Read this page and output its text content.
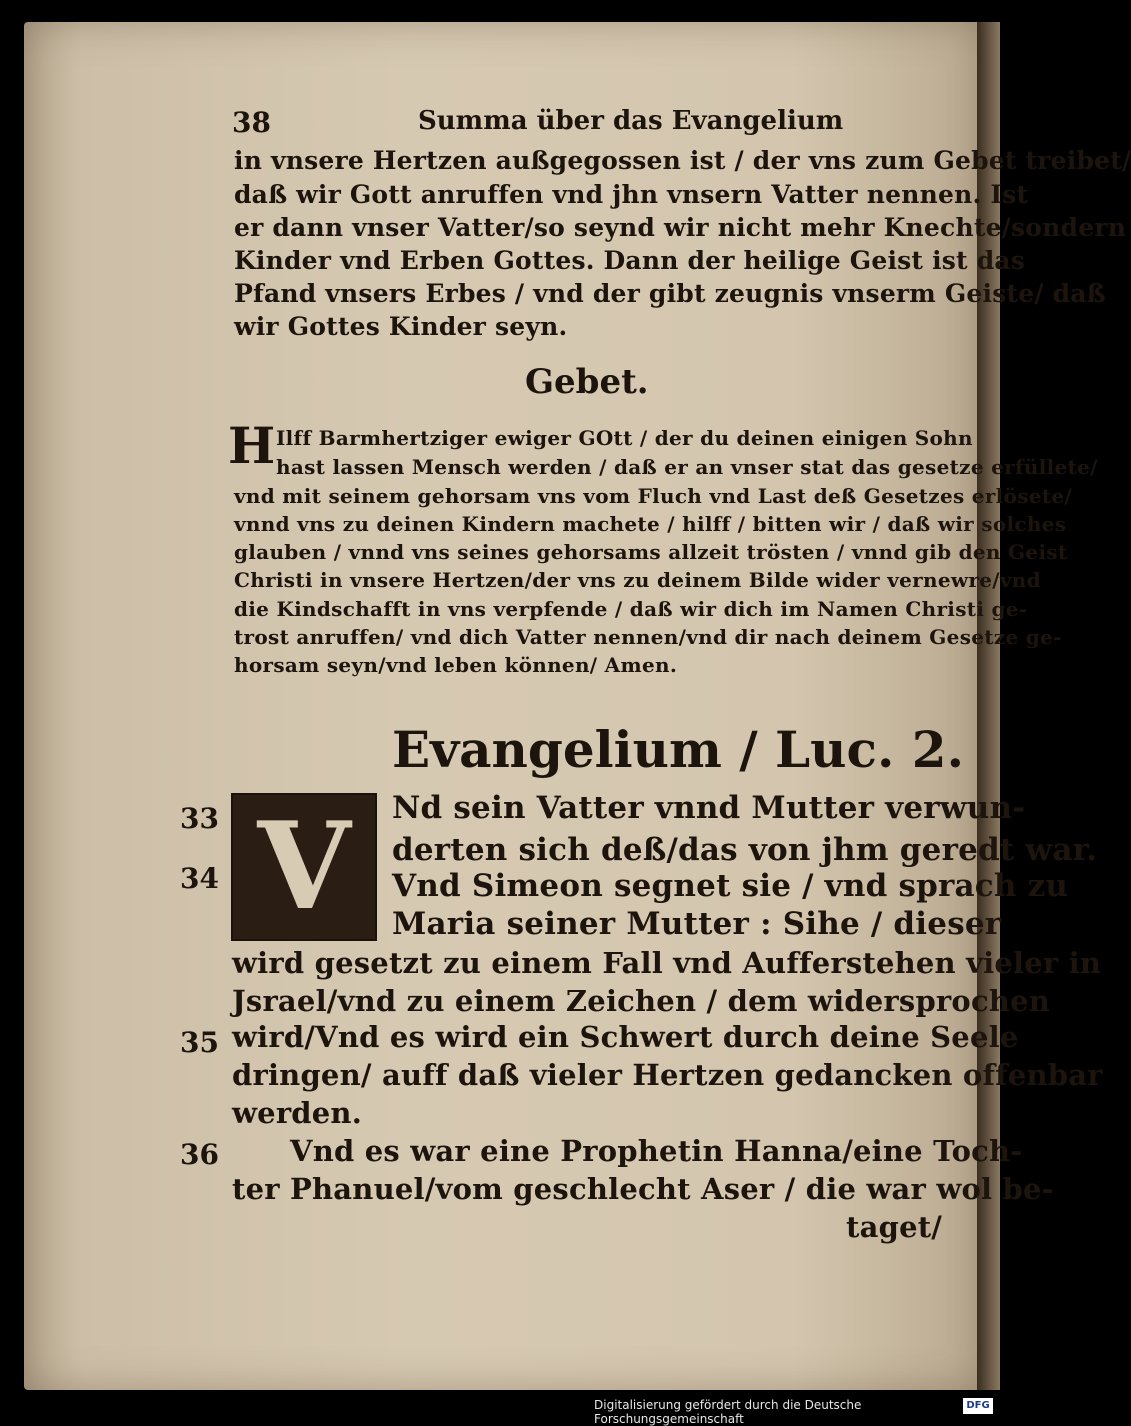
38	Summa über das Evangelium
in vnsere Hertzen außgegossen ist / der vns zum Gebet treibet/
daß wir Gott anruffen vnd jhn vnsern Vatter nennen. Ist
er dann vnser Vatter/so seynd wir nicht mehr Knechte/sondern
Kinder vnd Erben Gottes. Dann der heilige Geist ist das
Pfand vnsers Erbes / vnd der gibt zeugnis vnserm Geiste/ daß
wir Gottes Kinder seyn.
Gebet.
H Ilff Barmhertziger ewiger GOtt / der du deinen einigen Sohn
hast lassen Mensch werden / daß er an vnser stat das gesetze erfüllete/
vnd mit seinem gehorsam vns vom Fluch vnd Last deß Gesetzes erlösete/
vnnd vns zu deinen Kindern machete / hilff / bitten wir / daß wir solches
glauben / vnnd vns seines gehorsams allzeit trösten / vnnd gib den Geist
Christi in vnsere Hertzen/der vns zu deinem Bilde wider vernewre/vnd
die Kindschafft in vns verpfende / daß wir dich im Namen Christi ge-
trost anruffen/ vnd dich Vatter nennen/vnd dir nach deinem Gesetze ge-
horsam seyn/vnd leben können/ Amen.
Evangelium / Luc. 2.
V	Nd sein Vatter vnnd Mutter verwun-
derten sich deß/das von jhm geredt war.
Vnd Simeon segnet sie / vnd sprach zu
Maria seiner Mutter : Sihe / dieser
wird gesetzt zu einem Fall vnd Aufferstehen vieler in
Jsrael/vnd zu einem Zeichen / dem widersprochen
wird/Vnd es wird ein Schwert durch deine Seele
dringen/ auff daß vieler Hertzen gedancken offenbar
werden.
Vnd es war eine Prophetin Hanna/eine Toch-
ter Phanuel/vom geschlecht Aser / die war wol be-
taget/
33
34
35
36
Digitalisierung gefördert durch die Deutsche Forschungsgemeinschaft
DFG
